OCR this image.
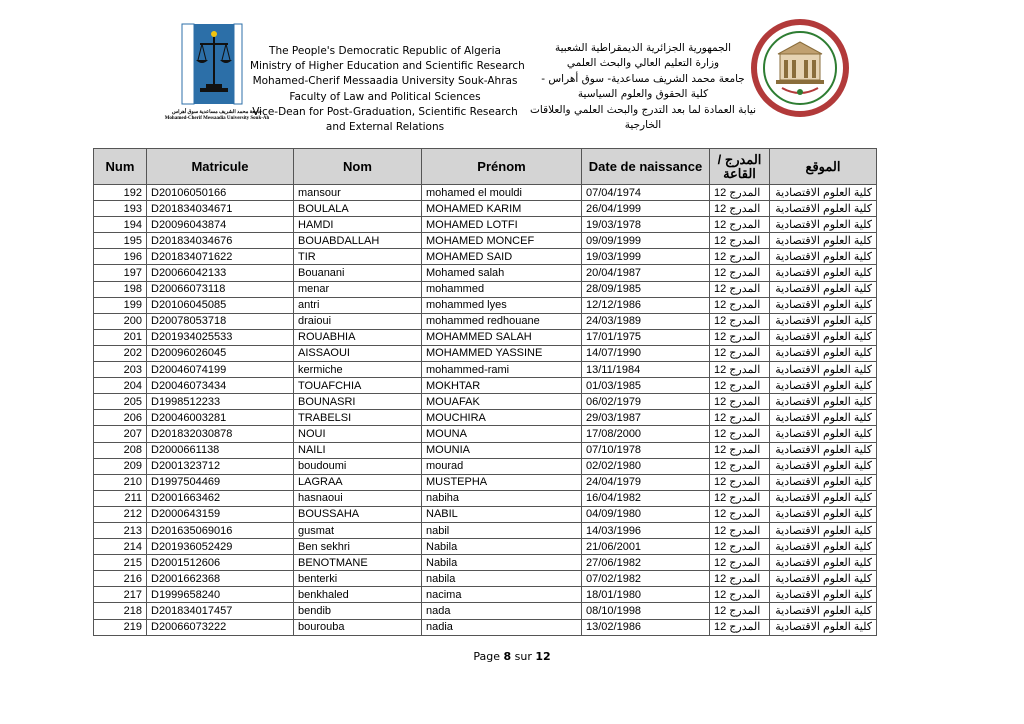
جامعة محمد الشريف مساعدية سوق أهراس
Mohamed-Cherif Messaadia University Souk-Ah
The People's Democratic Republic of Algeria
Ministry of Higher Education and Scientific Research
Mohamed-Cherif Messaadia University Souk-Ahras
Faculty of Law and Political Sciences
Vice-Dean for Post-Graduation, Scientific Research
and External Relations
الجمهورية الجزائرية الديمقراطية الشعبية
وزارة التعليم العالي والبحث العلمي
جامعة محمد الشريف مساعدية- سوق أهراس -
كلية الحقوق والعلوم السياسية
نيابة العمادة لما بعد التدرج والبحث العلمي والعلاقات
الخارجية
Num	Matricule	Nom	Prénom	Date de naissance	المدرج / القاعة	الموقع
192	D20106050166	mansour	mohamed el mouldi	07/04/1974	المدرج 12	كلية العلوم الاقتصادية
193	D201834034671	BOULALA	MOHAMED KARIM	26/04/1999	المدرج 12	كلية العلوم الاقتصادية
194	D20096043874	HAMDI	MOHAMED LOTFI	19/03/1978	المدرج 12	كلية العلوم الاقتصادية
195	D201834034676	BOUABDALLAH	MOHAMED MONCEF	09/09/1999	المدرج 12	كلية العلوم الاقتصادية
196	D201834071622	TIR	MOHAMED SAID	19/03/1999	المدرج 12	كلية العلوم الاقتصادية
197	D20066042133	Bouanani	Mohamed salah	20/04/1987	المدرج 12	كلية العلوم الاقتصادية
198	D20066073118	menar	mohammed	28/09/1985	المدرج 12	كلية العلوم الاقتصادية
199	D20106045085	antri	mohammed lyes	12/12/1986	المدرج 12	كلية العلوم الاقتصادية
200	D20078053718	draioui	mohammed redhouane	24/03/1989	المدرج 12	كلية العلوم الاقتصادية
201	D201934025533	ROUABHIA	MOHAMMED SALAH	17/01/1975	المدرج 12	كلية العلوم الاقتصادية
202	D20096026045	AISSAOUI	MOHAMMED YASSINE	14/07/1990	المدرج 12	كلية العلوم الاقتصادية
203	D20046074199	kermiche	mohammed-rami	13/11/1984	المدرج 12	كلية العلوم الاقتصادية
204	D20046073434	TOUAFCHIA	MOKHTAR	01/03/1985	المدرج 12	كلية العلوم الاقتصادية
205	D1998512233	BOUNASRI	MOUAFAK	06/02/1979	المدرج 12	كلية العلوم الاقتصادية
206	D20046003281	TRABELSI	MOUCHIRA	29/03/1987	المدرج 12	كلية العلوم الاقتصادية
207	D201832030878	NOUI	MOUNA	17/08/2000	المدرج 12	كلية العلوم الاقتصادية
208	D2000661138	NAILI	MOUNIA	07/10/1978	المدرج 12	كلية العلوم الاقتصادية
209	D2001323712	boudoumi	mourad	02/02/1980	المدرج 12	كلية العلوم الاقتصادية
210	D1997504469	LAGRAA	MUSTEPHA	24/04/1979	المدرج 12	كلية العلوم الاقتصادية
211	D2001663462	hasnaoui	nabiha	16/04/1982	المدرج 12	كلية العلوم الاقتصادية
212	D2000643159	BOUSSAHA	NABIL	04/09/1980	المدرج 12	كلية العلوم الاقتصادية
213	D201635069016	gusmat	nabil	14/03/1996	المدرج 12	كلية العلوم الاقتصادية
214	D201936052429	Ben sekhri	Nabila	21/06/2001	المدرج 12	كلية العلوم الاقتصادية
215	D2001512606	BENOTMANE	Nabila	27/06/1982	المدرج 12	كلية العلوم الاقتصادية
216	D2001662368	benterki	nabila	07/02/1982	المدرج 12	كلية العلوم الاقتصادية
217	D1999658240	benkhaled	nacima	18/01/1980	المدرج 12	كلية العلوم الاقتصادية
218	D201834017457	bendib	nada	08/10/1998	المدرج 12	كلية العلوم الاقتصادية
219	D20066073222	bourouba	nadia	13/02/1986	المدرج 12	كلية العلوم الاقتصادية
Page 8 sur 12
